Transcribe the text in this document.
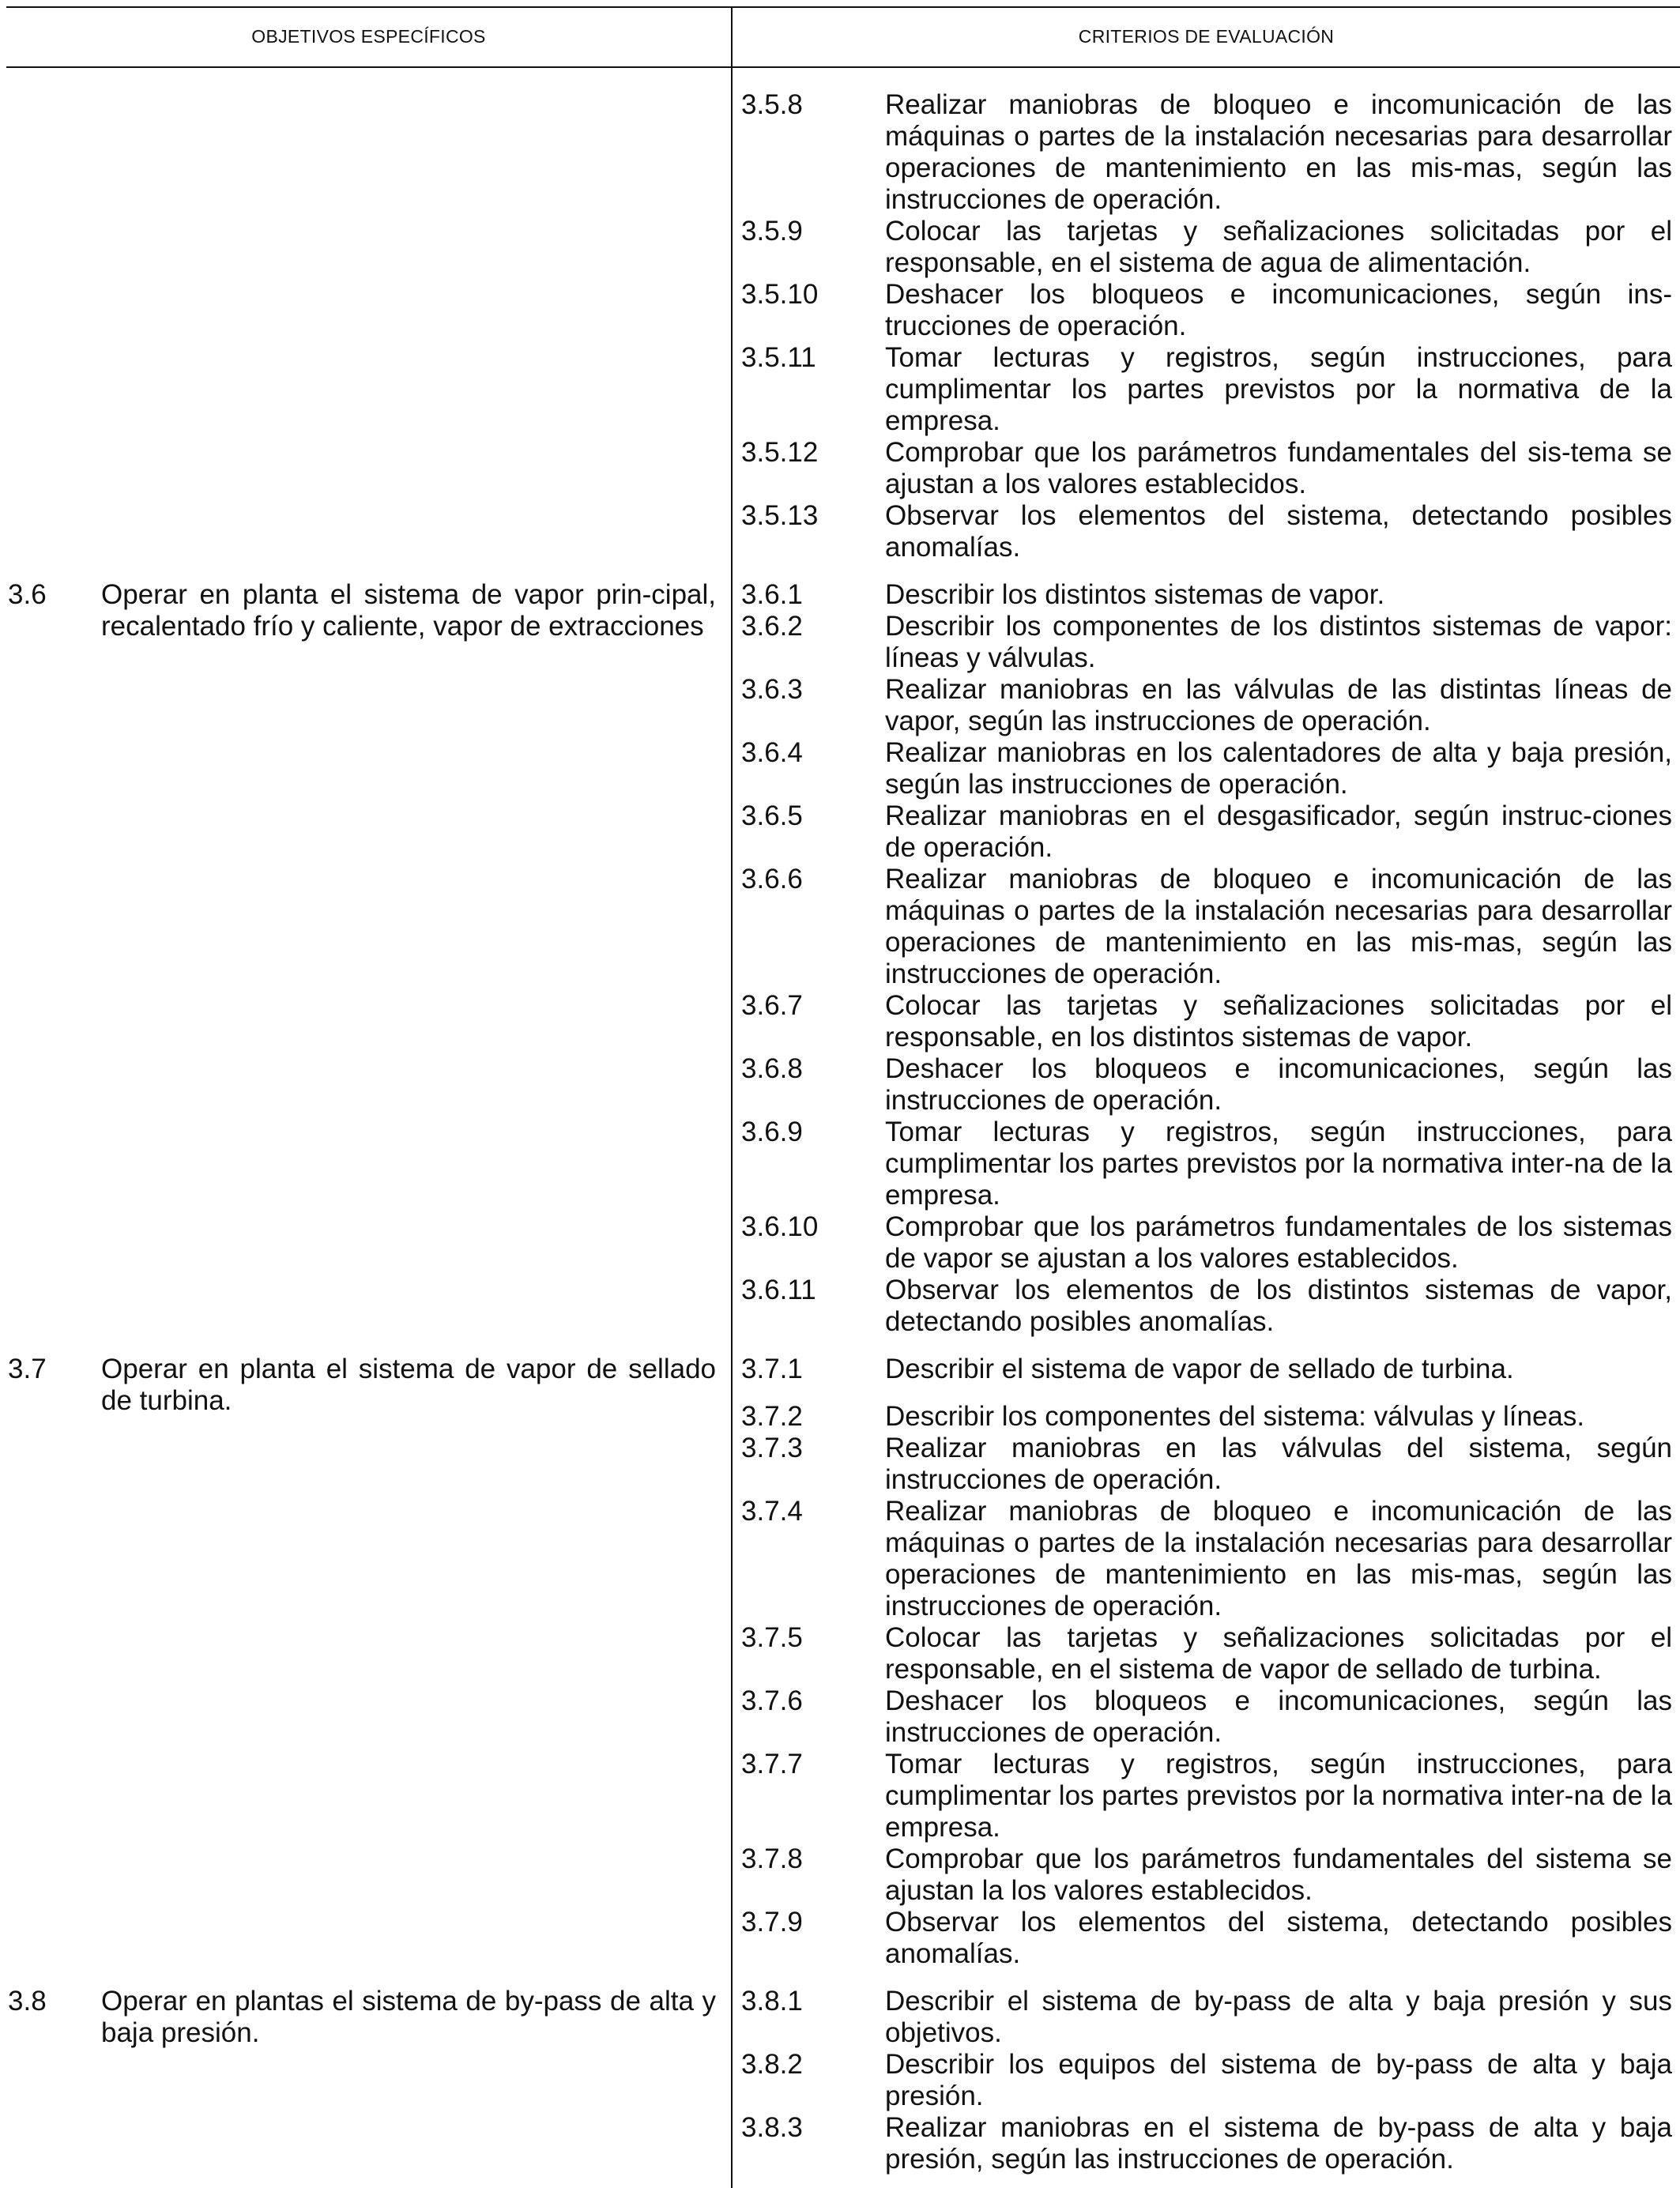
OBJETIVOS ESPECÍFICOS	CRITERIOS DE EVALUACIÓN
3.5.8	Realizar maniobras de bloqueo e incomunicación de las máquinas o partes de la instalación necesarias para desarrollar operaciones de mantenimiento en las mis-mas, según las instrucciones de operación.
3.5.9	Colocar las tarjetas y señalizaciones solicitadas por el responsable, en el sistema de agua de alimentación.
3.5.10	Deshacer los bloqueos e incomunicaciones, según ins-trucciones de operación.
3.5.11	Tomar lecturas y registros, según instrucciones, para cumplimentar los partes previstos por la normativa de la empresa.
3.5.12	Comprobar que los parámetros fundamentales del sis-tema se ajustan a los valores establecidos.
3.5.13	Observar los elementos del sistema, detectando posibles anomalías.
3.6	Operar en planta el sistema de vapor prin-cipal, recalentado frío y caliente, vapor de extracciones
3.6.1	Describir los distintos sistemas de vapor.
3.6.2	Describir los componentes de los distintos sistemas de vapor: líneas y válvulas.
3.6.3	Realizar maniobras en las válvulas de las distintas líneas de vapor, según las instrucciones de operación.
3.6.4	Realizar maniobras en los calentadores de alta y baja presión, según las instrucciones de operación.
3.6.5	Realizar maniobras en el desgasificador, según instruc-ciones de operación.
3.6.6	Realizar maniobras de bloqueo e incomunicación de las máquinas o partes de la instalación necesarias para desarrollar operaciones de mantenimiento en las mis-mas, según las instrucciones de operación.
3.6.7	Colocar las tarjetas y señalizaciones solicitadas por el responsable, en los distintos sistemas de vapor.
3.6.8	Deshacer los bloqueos e incomunicaciones, según las instrucciones de operación.
3.6.9	Tomar lecturas y registros, según instrucciones, para cumplimentar los partes previstos por la normativa inter-na de la empresa.
3.6.10	Comprobar que los parámetros fundamentales de los sistemas de vapor se ajustan a los valores establecidos.
3.6.11	Observar los elementos de los distintos sistemas de vapor, detectando posibles anomalías.
3.7	Operar en planta el sistema de vapor de sellado de turbina.
3.7.1	Describir el sistema de vapor de sellado de turbina.
3.7.2	Describir los componentes del sistema: válvulas y líneas.
3.7.3	Realizar maniobras en las válvulas del sistema, según instrucciones de operación.
3.7.4	Realizar maniobras de bloqueo e incomunicación de las máquinas o partes de la instalación necesarias para desarrollar operaciones de mantenimiento en las mis-mas, según las instrucciones de operación.
3.7.5	Colocar las tarjetas y señalizaciones solicitadas por el responsable, en el sistema de vapor de sellado de turbina.
3.7.6	Deshacer los bloqueos e incomunicaciones, según las instrucciones de operación.
3.7.7	Tomar lecturas y registros, según instrucciones, para cumplimentar los partes previstos por la normativa inter-na de la empresa.
3.7.8	Comprobar que los parámetros fundamentales del sistema se ajustan la los valores establecidos.
3.7.9	Observar los elementos del sistema, detectando posibles anomalías.
3.8	Operar en plantas el sistema de by-pass de alta y baja presión.
3.8.1	Describir el sistema de by-pass de alta y baja presión y sus objetivos.
3.8.2	Describir los equipos del sistema de by-pass de alta y baja presión.
3.8.3	Realizar maniobras en el sistema de by-pass de alta y baja presión, según las instrucciones de operación.
